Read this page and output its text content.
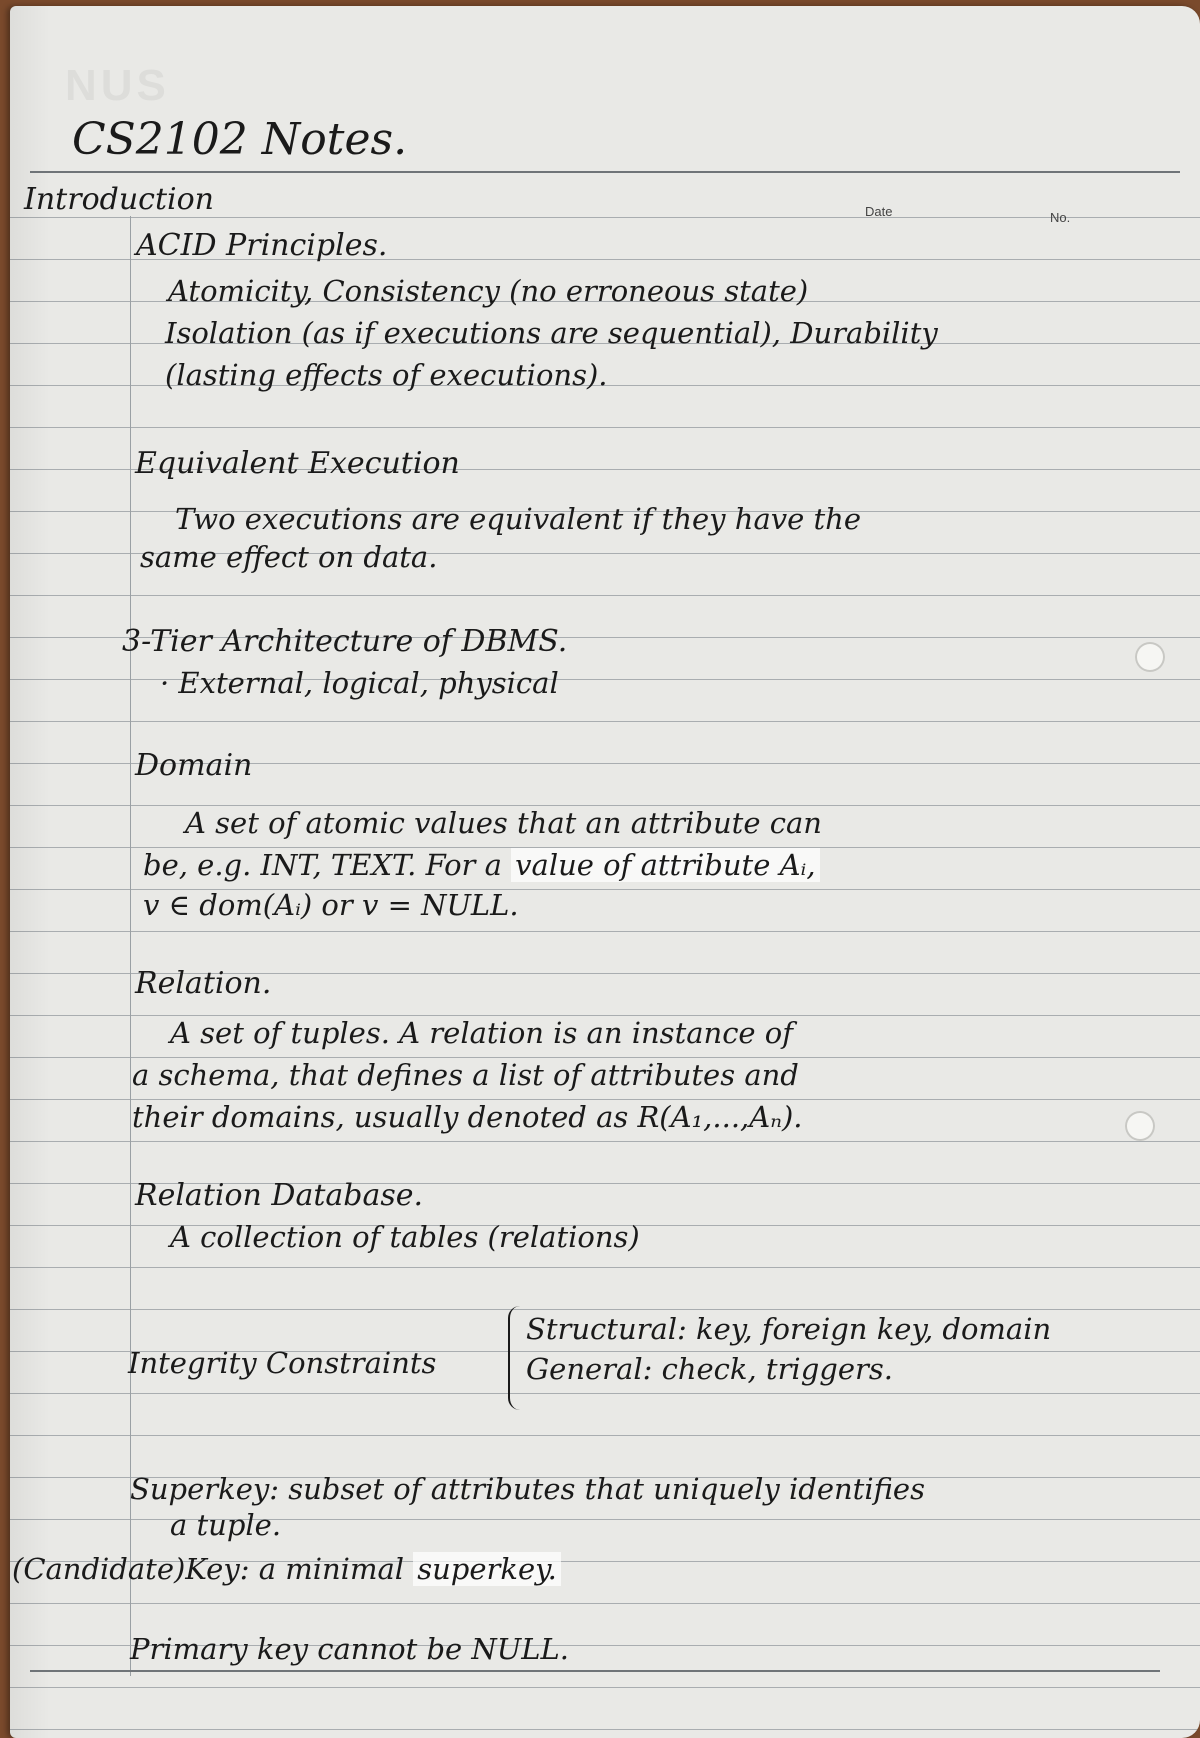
NUS
Date	No.
CS2102 Notes.
Introduction
ACID Principles.
Atomicity, Consistency (no erroneous state)
Isolation (as if executions are sequential), Durability
(lasting effects of executions).
Equivalent Execution
Two executions are equivalent if they have the
same effect on data.
3-Tier Architecture of DBMS.
· External, logical, physical
Domain
A set of atomic values that an attribute can
be, e.g. INT, TEXT. For a value of attribute Aᵢ,
v ∈ dom(Aᵢ) or v = NULL.
Relation.
A set of tuples. A relation is an instance of
a schema, that defines a list of attributes and
their domains, usually denoted as R(A₁,...,Aₙ).
Relation Database.
A collection of tables (relations)
Integrity Constraints
Structural: key, foreign key, domain
General: check, triggers.
Superkey: subset of attributes that uniquely identifies
a tuple.
(Candidate)Key: a minimal superkey.
Primary key cannot be NULL.
